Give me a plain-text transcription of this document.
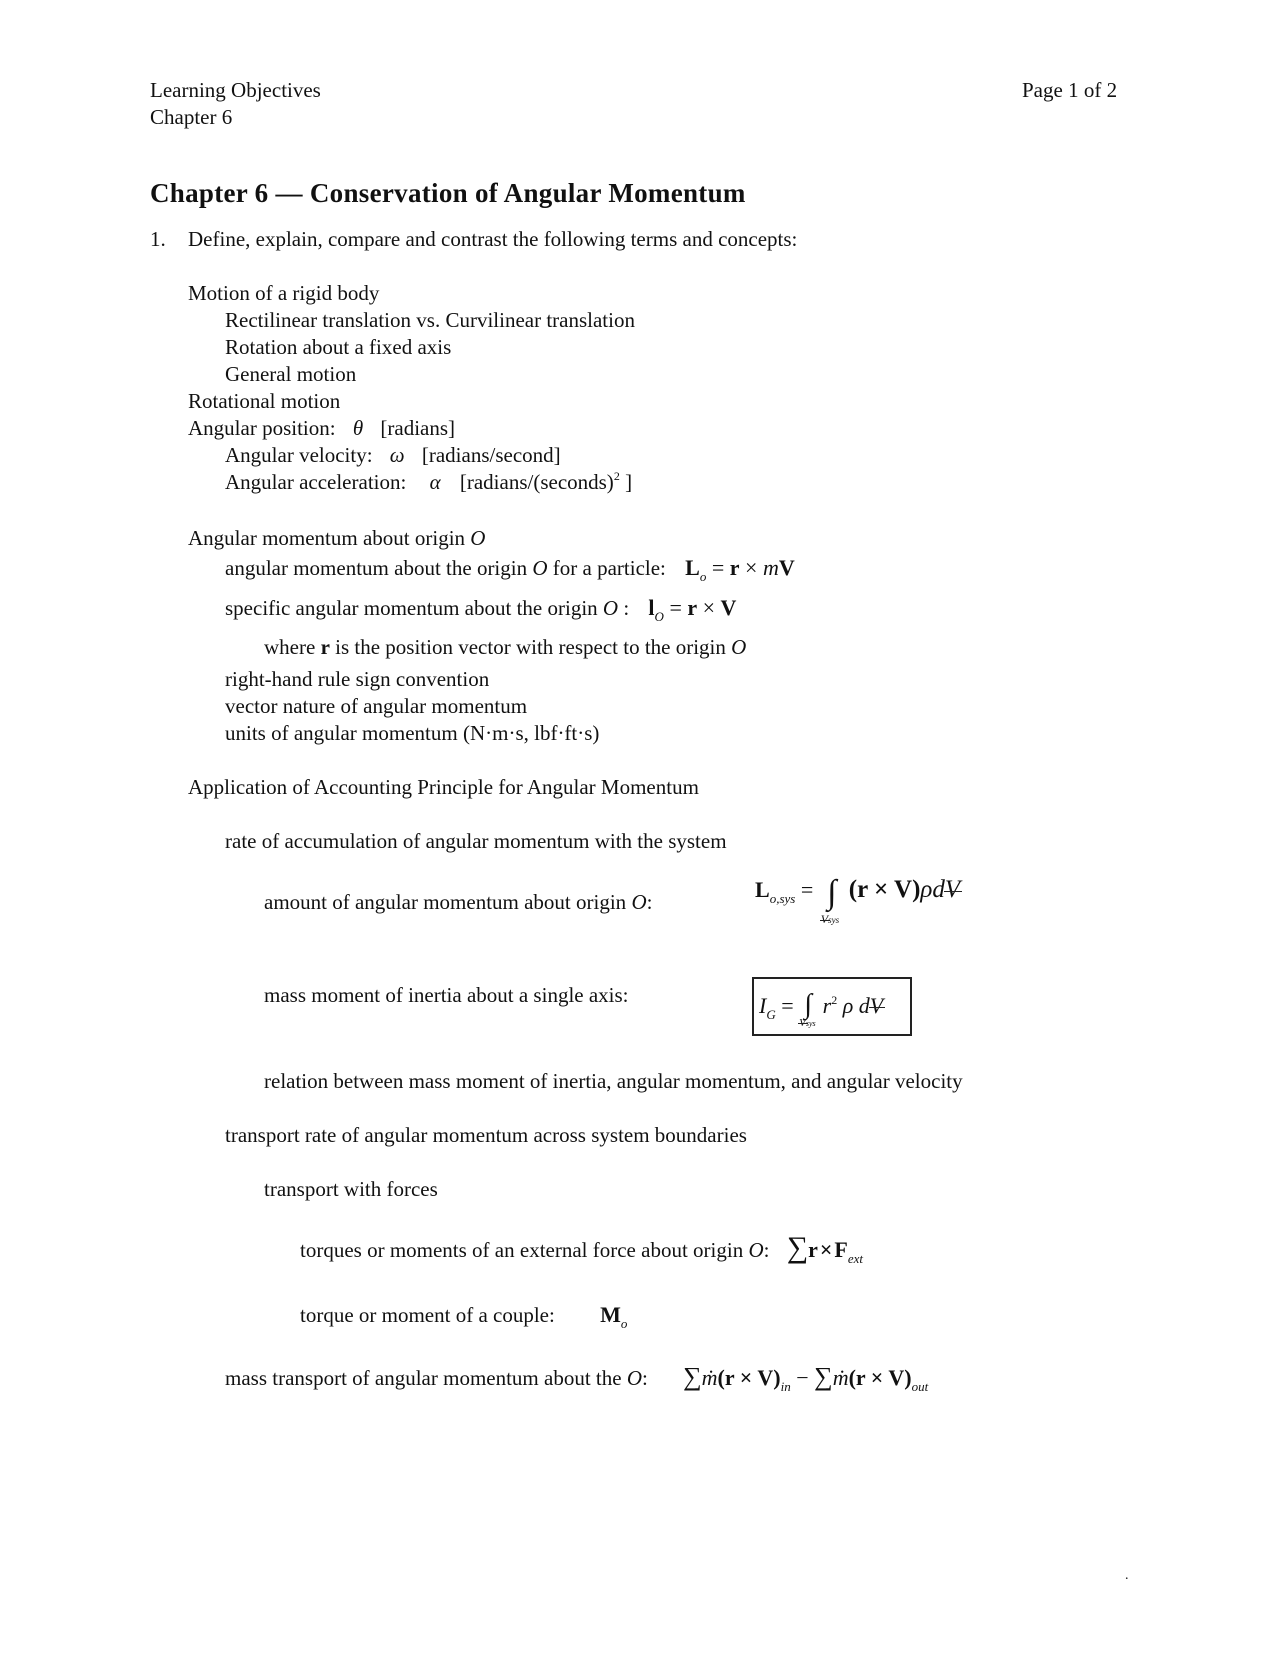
Learning Objectives
Chapter 6
Page 1 of 2
Chapter 6 — Conservation of Angular Momentum
1. Define, explain, compare and contrast the following terms and concepts:
Motion of a rigid body
Rectilinear translation vs. Curvilinear translation
Rotation about a fixed axis
General motion
Rotational motion
Angular position: θ [radians]
Angular velocity: ω [radians/second]
Angular acceleration: α [radians/(seconds)$^2$ ]
Angular momentum about origin O
angular momentum about the origin O for a particle: $L_o = r$ × mV
specific angular momentum about the origin O : $l_O = r \times V$
where r is the position vector with respect to the origin O
right-hand rule sign convention
vector nature of angular momentum
units of angular momentum (N·m·s, lbf·ft·s)
Application of Accounting Principle for Angular Momentum
rate of accumulation of angular momentum with the system
amount of angular momentum about origin O:	$L_{o,sys}$ = ∫
Vsys
(r × V)ρdV
mass moment of inertia about a single axis:	$I_G$ = ∫
Vsys
$r^2$ ρ dV
relation between mass moment of inertia, angular momentum, and angular velocity
transport rate of angular momentum across system boundaries
transport with forces
torques or moments of an external force about origin O: $\sum r\times F_{ext}$
torque or moment of a couple: $M_o$
mass transport of angular momentum about the O: ∑ṁ(r × $V)_{in}$ − ∑ṁ(r × $V)_{out}$
.
